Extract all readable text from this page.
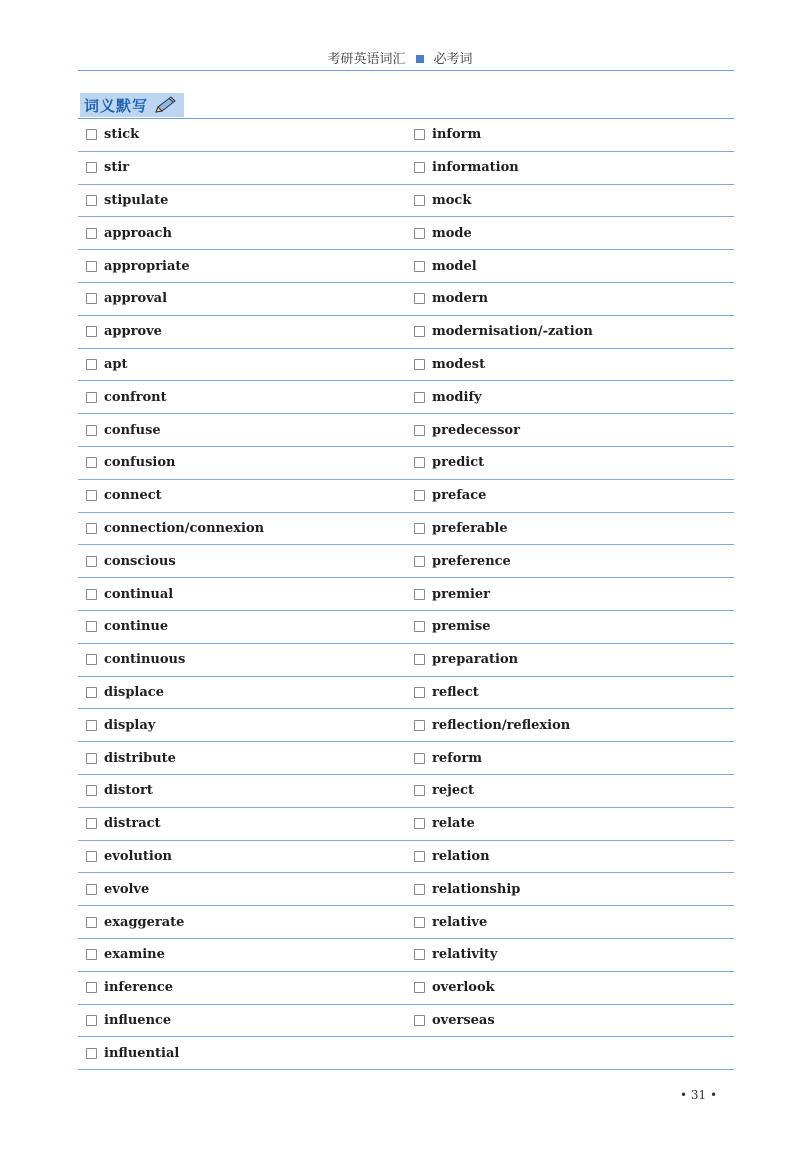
考研英语词汇 必考词
词义默写
stick	inform
stir	information
stipulate	mock
approach	mode
appropriate	model
approval	modern
approve	modernisation/-zation
apt	modest
confront	modify
confuse	predecessor
confusion	predict
connect	preface
connection/connexion	preferable
conscious	preference
continual	premier
continue	premise
continuous	preparation
displace	reflect
display	reflection/reflexion
distribute	reform
distort	reject
distract	relate
evolution	relation
evolve	relationship
exaggerate	relative
examine	relativity
inference	overlook
influence	overseas
influential
• 31 •
